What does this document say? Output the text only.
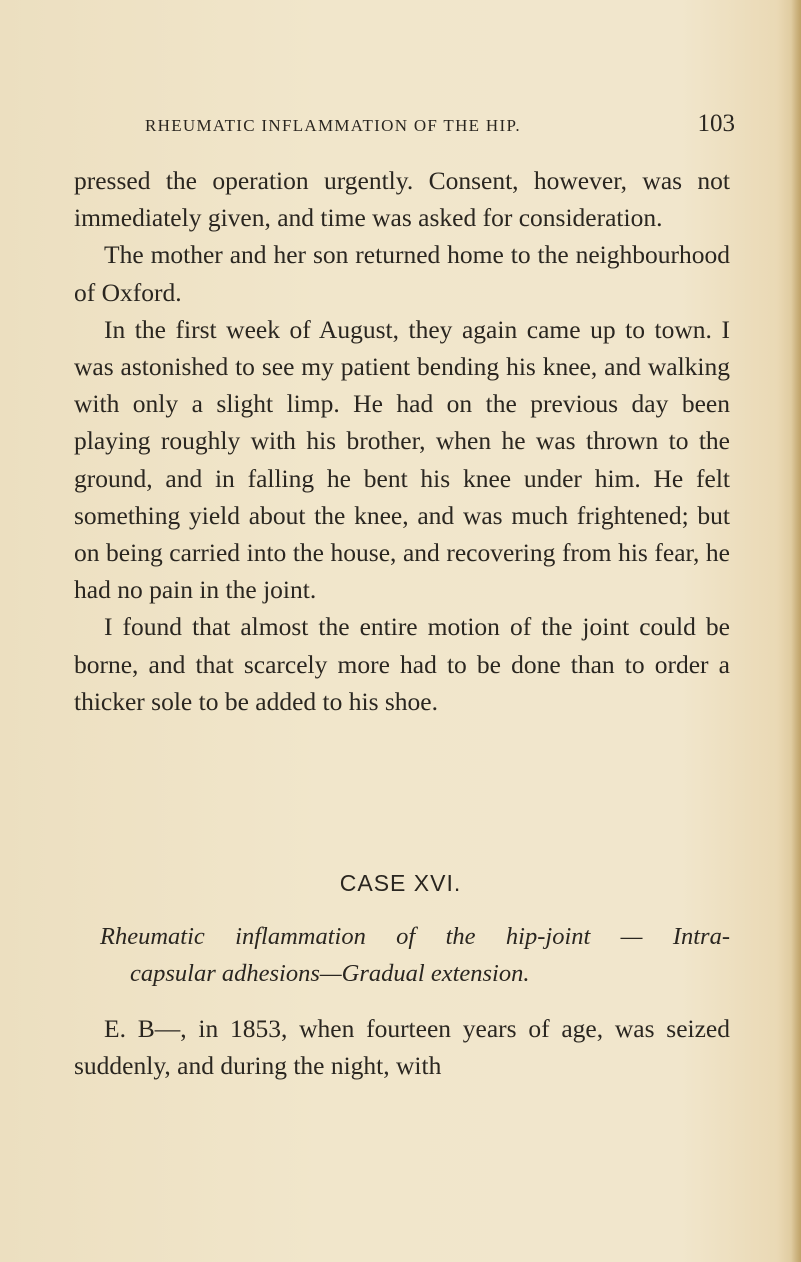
RHEUMATIC INFLAMMATION OF THE HIP.	103

pressed the operation urgently. Consent, however, was not immediately given, and time was asked for consideration.

The mother and her son returned home to the neighbourhood of Oxford.

In the first week of August, they again came up to town. I was astonished to see my patient bending his knee, and walking with only a slight limp. He had on the previous day been playing roughly with his brother, when he was thrown to the ground, and in falling he bent his knee under him. He felt something yield about the knee, and was much frightened; but on being carried into the house, and recovering from his fear, he had no pain in the joint.

I found that almost the entire motion of the joint could be borne, and that scarcely more had to be done than to order a thicker sole to be added to his shoe.

CASE XVI.
Rheumatic inflammation of the hip-joint — Intra-
capsular adhesions—Gradual extension.

E. B—, in 1853, when fourteen years of age, was seized suddenly, and during the night, with
